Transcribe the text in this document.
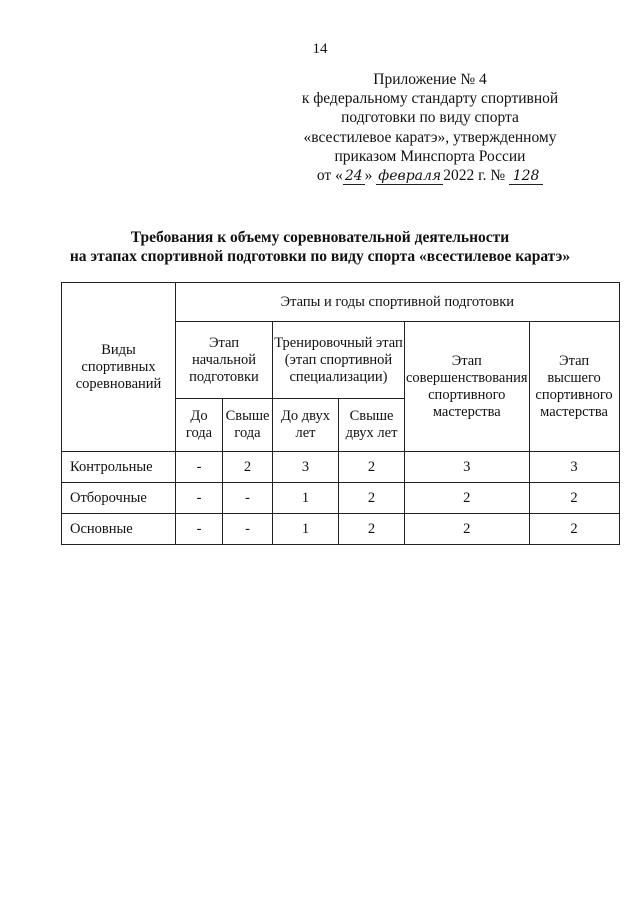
14
Приложение № 4
к федеральному стандарту спортивной
подготовки по виду спорта
«всестилевое каратэ», утвержденному
приказом Минспорта России
от « 24 » февраля 2022 г. № 128
Требования к объему соревновательной деятельности
на этапах спортивной подготовки по виду спорта «всестилевое каратэ»
Виды спортивных соревнований	Этапы и годы спортивной подготовки					
	Этап начальной подготовки		Тренировочный этап (этап спортивной специализации)		Этап совершенствования спортивного мастерства	Этап высшего спортивного мастерства
	До года	Свыше года	До двух лет	Свыше двух лет		
Контрольные	-	2	3	2	3	3
Отборочные	-	-	1	2	2	2
Основные	-	-	1	2	2	2
